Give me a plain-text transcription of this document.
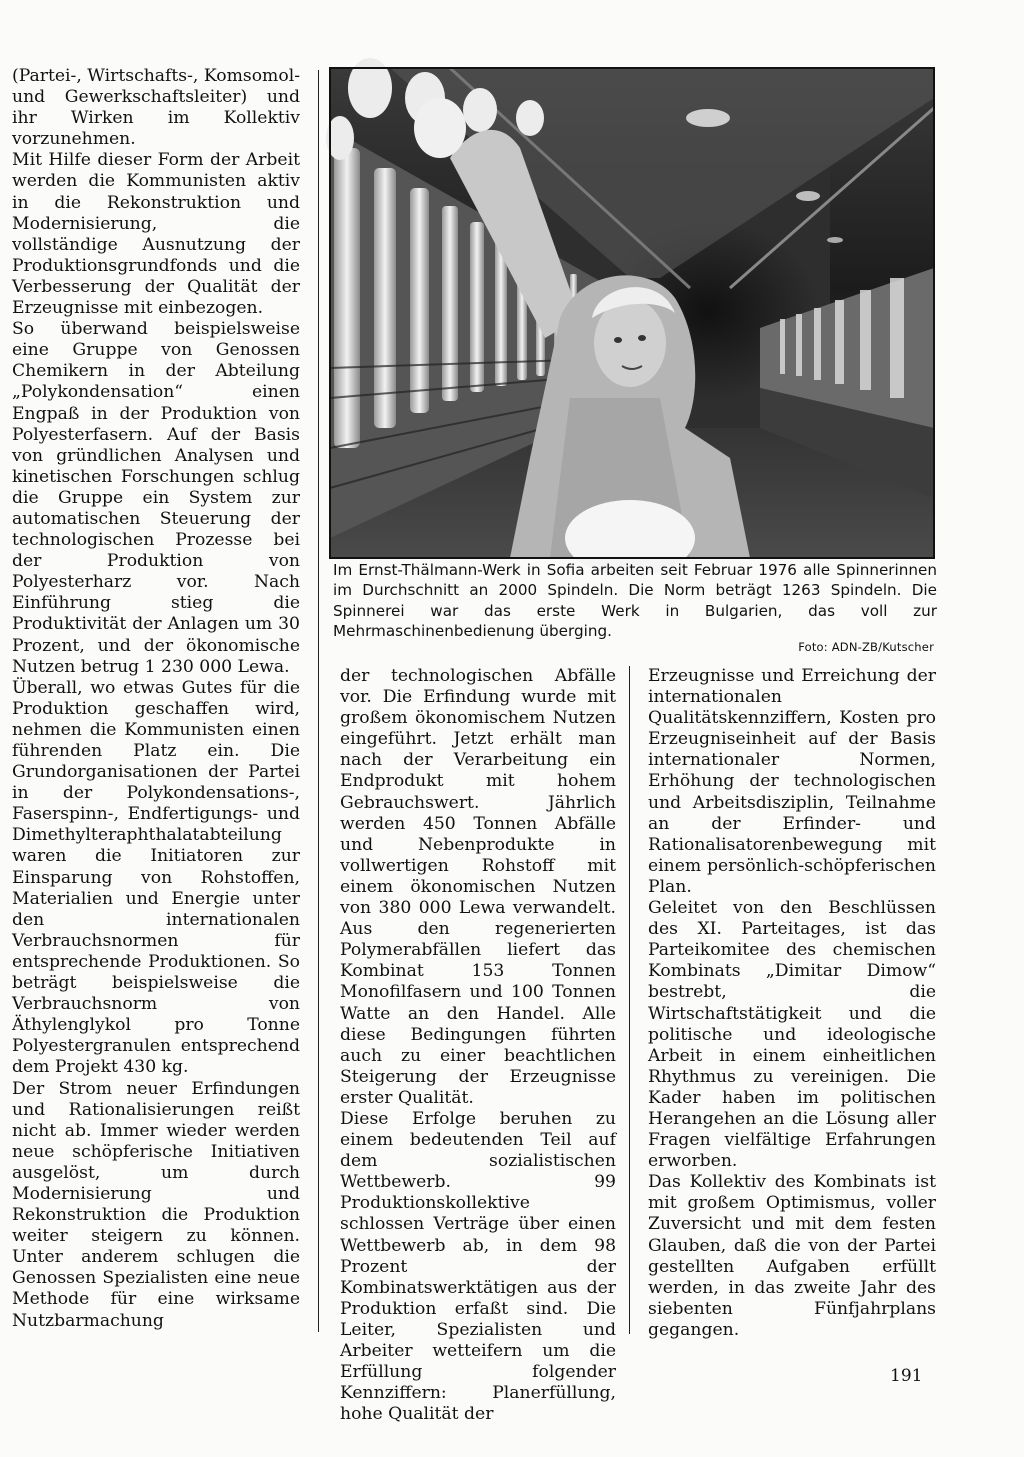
(Partei-, Wirtschafts-, Komsomol- und Gewerkschaftsleiter) und ihr Wirken im Kollektiv vorzunehmen.

Mit Hilfe dieser Form der Arbeit werden die Kommunisten aktiv in die Rekonstruktion und Modernisierung, die vollständige Ausnutzung der Produktionsgrundfonds und die Verbesserung der Qualität der Erzeugnisse mit einbezogen.

So überwand beispielsweise eine Gruppe von Genossen Chemikern in der Abteilung „Polykondensation“ einen Engpaß in der Produktion von Polyesterfasern. Auf der Basis von gründlichen Analysen und kinetischen Forschungen schlug die Gruppe ein System zur automatischen Steuerung der technologischen Prozesse bei der Produktion von Polyesterharz vor. Nach Einführung stieg die Produktivität der Anlagen um 30 Prozent, und der ökonomische Nutzen betrug 1 230 000 Lewa.

Überall, wo etwas Gutes für die Produktion geschaffen wird, nehmen die Kommunisten einen führenden Platz ein. Die Grundorganisationen der Partei in der Polykondensations-, Faserspinn-, Endfertigungs- und Dimethylteraphthalatabteilung waren die Initiatoren zur Einsparung von Rohstoffen, Materialien und Energie unter den internationalen Verbrauchsnormen für entsprechende Produktionen. So beträgt beispielsweise die Verbrauchsnorm von Äthylenglykol pro Tonne Polyestergranulen entsprechend dem Projekt 430 kg.

Der Strom neuer Erfindungen und Rationalisierungen reißt nicht ab. Immer wieder werden neue schöpferische Initiativen ausgelöst, um durch Modernisierung und Rekonstruktion die Produktion weiter steigern zu können. Unter anderem schlugen die Genossen Spezialisten eine neue Methode für eine wirksame Nutzbarmachung

Im Ernst-Thälmann-Werk in Sofia arbeiten seit Februar 1976 alle Spinnerinnen im Durchschnitt an 2000 Spindeln. Die Norm beträgt 1263 Spindeln. Die Spinnerei war das erste Werk in Bulgarien, das voll zur Mehrmaschinenbedienung überging.
Foto: ADN-ZB/Kutscher

der technologischen Abfälle vor. Die Erfindung wurde mit großem ökonomischem Nutzen eingeführt. Jetzt erhält man nach der Verarbeitung ein Endprodukt mit hohem Gebrauchswert. Jährlich werden 450 Tonnen Abfälle und Nebenprodukte in vollwertigen Rohstoff mit einem ökonomischen Nutzen von 380 000 Lewa verwandelt. Aus den regenerierten Polymerabfällen liefert das Kombinat 153 Tonnen Monofilfasern und 100 Tonnen Watte an den Handel. Alle diese Bedingungen führten auch zu einer beachtlichen Steigerung der Erzeugnisse erster Qualität.

Diese Erfolge beruhen zu einem bedeutenden Teil auf dem sozialistischen Wettbewerb. 99 Produktionskollektive schlossen Verträge über einen Wettbewerb ab, in dem 98 Prozent der Kombinatswerktätigen aus der Produktion erfaßt sind. Die Leiter, Spezialisten und Arbeiter wetteifern um die Erfüllung folgender Kennziffern: Planerfüllung, hohe Qualität der

Erzeugnisse und Erreichung der internationalen Qualitätskennziffern, Kosten pro Erzeugniseinheit auf der Basis internationaler Normen, Erhöhung der technologischen und Arbeitsdisziplin, Teilnahme an der Erfinder- und Rationalisatorenbewegung mit einem persönlich-schöpferischen Plan.

Geleitet von den Beschlüssen des XI. Parteitages, ist das Parteikomitee des chemischen Kombinats „Dimitar Dimow“ bestrebt, die Wirtschaftstätigkeit und die politische und ideologische Arbeit in einem einheitlichen Rhythmus zu vereinigen. Die Kader haben im politischen Herangehen an die Lösung aller Fragen vielfältige Erfahrungen erworben.

Das Kollektiv des Kombinats ist mit großem Optimismus, voller Zuversicht und mit dem festen Glauben, daß die von der Partei gestellten Aufgaben erfüllt werden, in das zweite Jahr des siebenten Fünfjahrplans gegangen.

191
